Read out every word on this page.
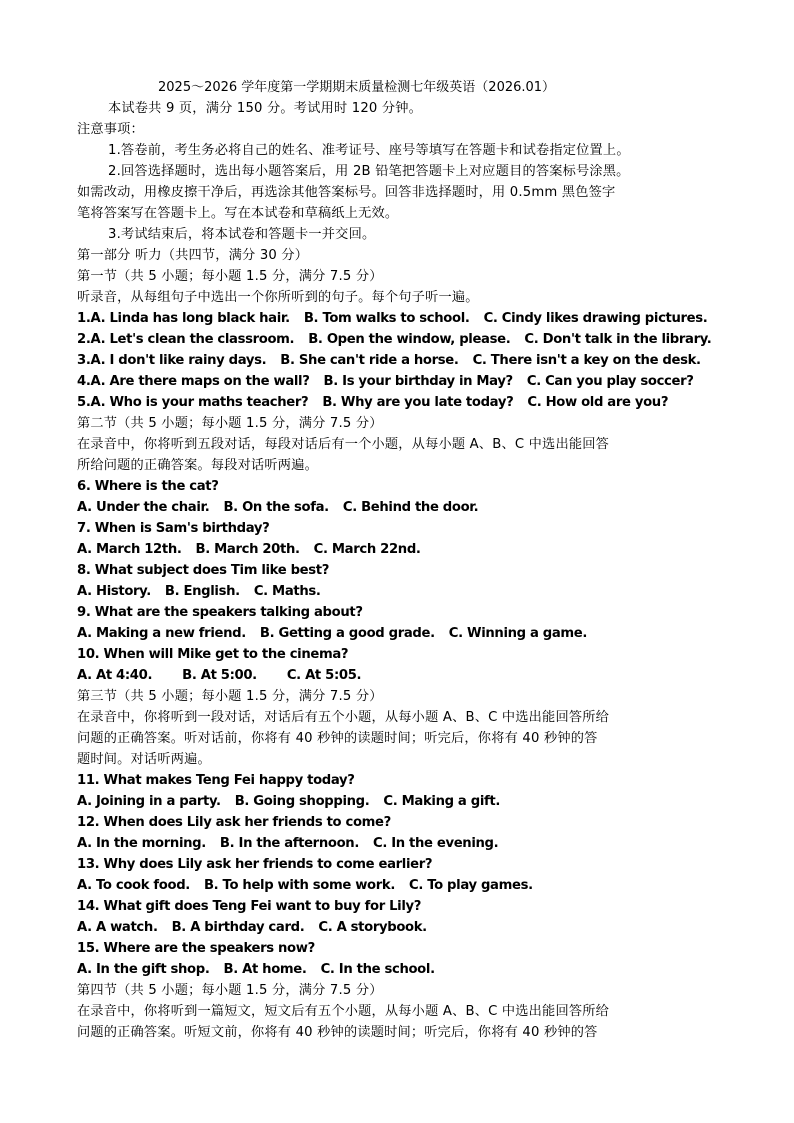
2025～2026 学年度第一学期期末质量检测七年级英语（2026.01）
本试卷共 9 页，满分 150 分。考试用时 120 分钟。
注意事项：
1.答卷前，考生务必将自己的姓名、准考证号、座号等填写在答题卡和试卷指定位置上。
2.回答选择题时，选出每小题答案后，用 2B 铅笔把答题卡上对应题目的答案标号涂黑。
如需改动，用橡皮擦干净后，再选涂其他答案标号。回答非选择题时，用 0.5mm 黑色签字
笔将答案写在答题卡上。写在本试卷和草稿纸上无效。
3.考试结束后，将本试卷和答题卡一并交回。
第一部分 听力（共四节，满分 30 分）
第一节（共 5 小题；每小题 1.5 分，满分 7.5 分）
听录音，从每组句子中选出一个你所听到的句子。每个句子听一遍。
1.A. Linda has long black hair. B. Tom walks to school. C. Cindy likes drawing pictures.
2.A. Let's clean the classroom. B. Open the window, please. C. Don't talk in the library.
3.A. I don't like rainy days. B. She can't ride a horse. C. There isn't a key on the desk.
4.A. Are there maps on the wall? B. Is your birthday in May? C. Can you play soccer?
5.A. Who is your maths teacher? B. Why are you late today? C. How old are you?
第二节（共 5 小题；每小题 1.5 分，满分 7.5 分）
在录音中，你将听到五段对话，每段对话后有一个小题，从每小题 A、B、C 中选出能回答
所给问题的正确答案。每段对话听两遍。
6. Where is the cat?
A. Under the chair. B. On the sofa. C. Behind the door.
7. When is Sam's birthday?
A. March 12th. B. March 20th. C. March 22nd.
8. What subject does Tim like best?
A. History. B. English. C. Maths.
9. What are the speakers talking about?
A. Making a new friend. B. Getting a good grade. C. Winning a game.
10. When will Mike get to the cinema?
A. At 4:40. B. At 5:00. C. At 5:05.
第三节（共 5 小题；每小题 1.5 分，满分 7.5 分）
在录音中，你将听到一段对话，对话后有五个小题，从每小题 A、B、C 中选出能回答所给
问题的正确答案。听对话前，你将有 40 秒钟的读题时间；听完后，你将有 40 秒钟的答
题时间。对话听两遍。
11. What makes Teng Fei happy today?
A. Joining in a party. B. Going shopping. C. Making a gift.
12. When does Lily ask her friends to come?
A. In the morning. B. In the afternoon. C. In the evening.
13. Why does Lily ask her friends to come earlier?
A. To cook food. B. To help with some work. C. To play games.
14. What gift does Teng Fei want to buy for Lily?
A. A watch. B. A birthday card. C. A storybook.
15. Where are the speakers now?
A. In the gift shop. B. At home. C. In the school.
第四节（共 5 小题；每小题 1.5 分，满分 7.5 分）
在录音中，你将听到一篇短文，短文后有五个小题，从每小题 A、B、C 中选出能回答所给
问题的正确答案。听短文前，你将有 40 秒钟的读题时间；听完后，你将有 40 秒钟的答
